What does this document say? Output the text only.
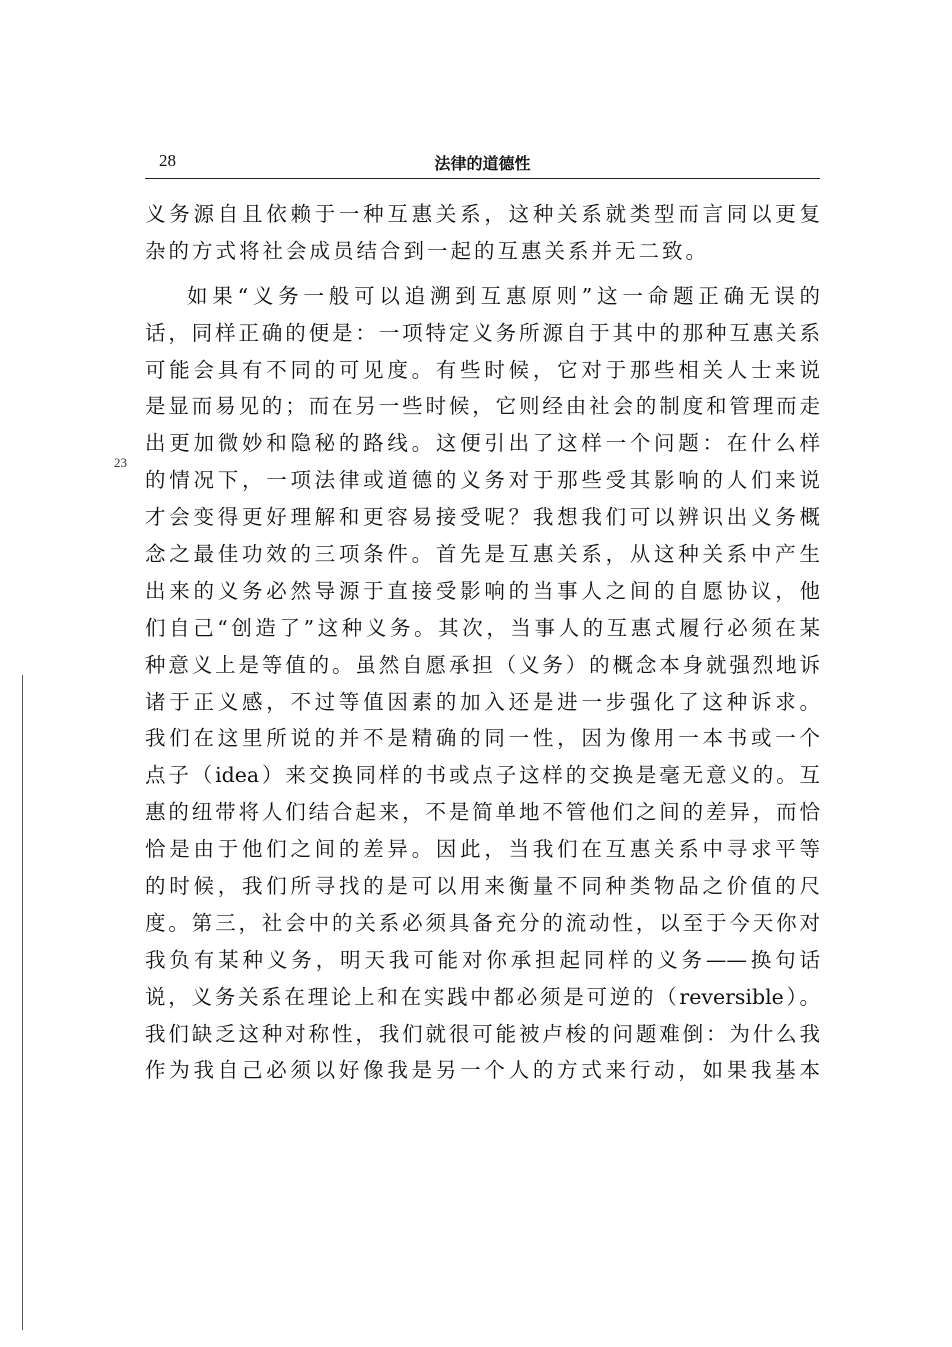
28	法律的道德性
23
义务源自且依赖于一种互惠关系，这种关系就类型而言同以更复
杂的方式将社会成员结合到一起的互惠关系并无二致。
如果“义务一般可以追溯到互惠原则”这一命题正确无误的
话，同样正确的便是：一项特定义务所源自于其中的那种互惠关系
可能会具有不同的可见度。有些时候，它对于那些相关人士来说
是显而易见的；而在另一些时候，它则经由社会的制度和管理而走
出更加微妙和隐秘的路线。这便引出了这样一个问题：在什么样
的情况下，一项法律或道德的义务对于那些受其影响的人们来说
才会变得更好理解和更容易接受呢？我想我们可以辨识出义务概
念之最佳功效的三项条件。首先是互惠关系，从这种关系中产生
出来的义务必然导源于直接受影响的当事人之间的自愿协议，他
们自己“创造了”这种义务。其次，当事人的互惠式履行必须在某
种意义上是等值的。虽然自愿承担（义务）的概念本身就强烈地诉
诸于正义感，不过等值因素的加入还是进一步强化了这种诉求。
我们在这里所说的并不是精确的同一性，因为像用一本书或一个
点子（idea）来交换同样的书或点子这样的交换是毫无意义的。互
惠的纽带将人们结合起来，不是简单地不管他们之间的差异，而恰
恰是由于他们之间的差异。因此，当我们在互惠关系中寻求平等
的时候，我们所寻找的是可以用来衡量不同种类物品之价值的尺
度。第三，社会中的关系必须具备充分的流动性，以至于今天你对
我负有某种义务，明天我可能对你承担起同样的义务——换句话
说，义务关系在理论上和在实践中都必须是可逆的（reversible）。
我们缺乏这种对称性，我们就很可能被卢梭的问题难倒：为什么我
作为我自己必须以好像我是另一个人的方式来行动，如果我基本
